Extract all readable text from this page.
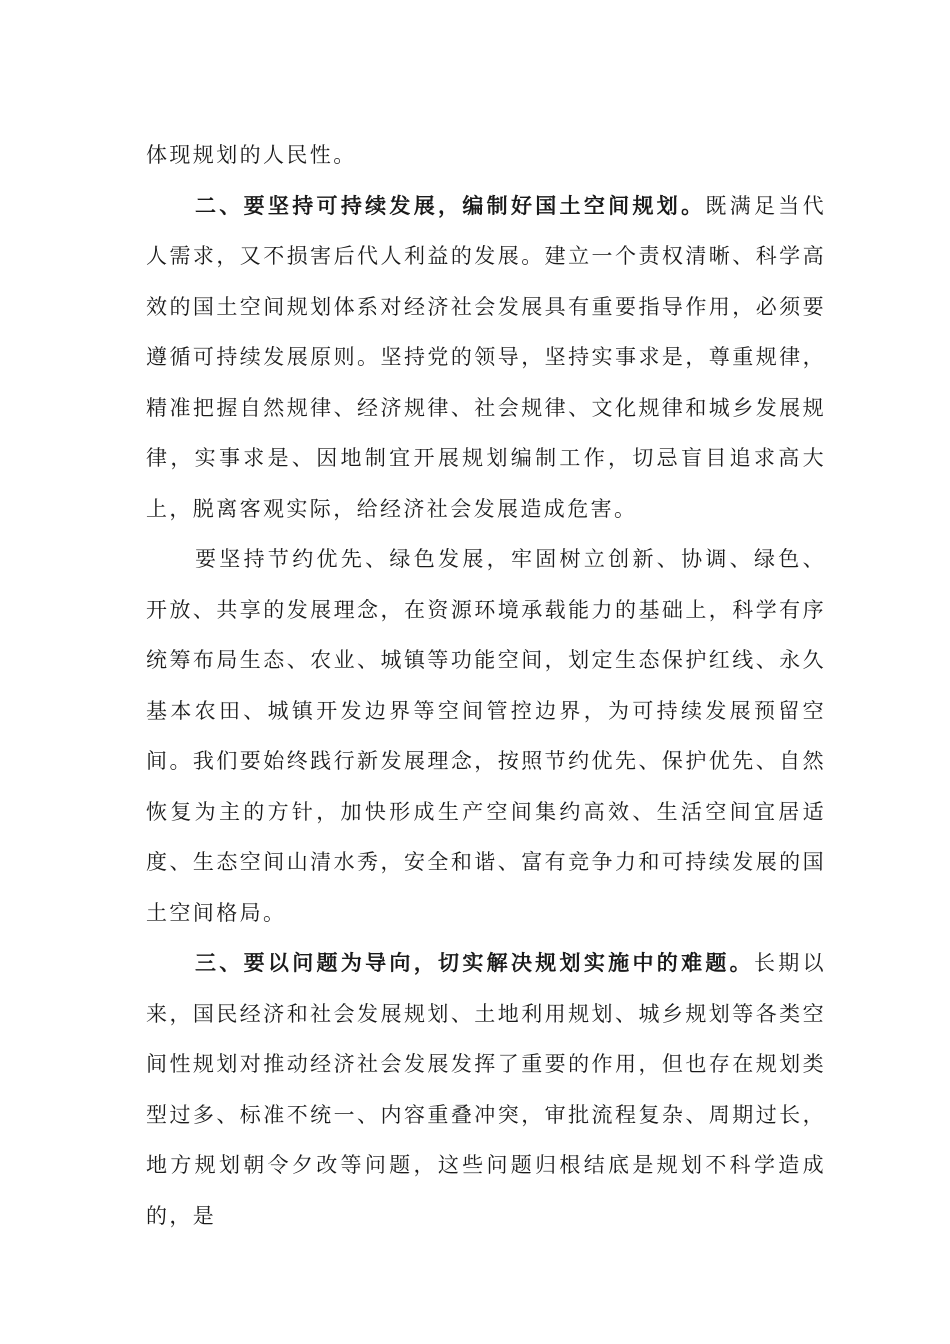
体现规划的人民性。

二、要坚持可持续发展，编制好国土空间规划。既满足当代人需求，又不损害后代人利益的发展。建立一个责权清晰、科学高效的国土空间规划体系对经济社会发展具有重要指导作用，必须要遵循可持续发展原则。坚持党的领导，坚持实事求是，尊重规律，精准把握自然规律、经济规律、社会规律、文化规律和城乡发展规律，实事求是、因地制宜开展规划编制工作，切忌盲目追求高大上，脱离客观实际，给经济社会发展造成危害。

要坚持节约优先、绿色发展，牢固树立创新、协调、绿色、开放、共享的发展理念，在资源环境承载能力的基础上，科学有序统筹布局生态、农业、城镇等功能空间，划定生态保护红线、永久基本农田、城镇开发边界等空间管控边界，为可持续发展预留空间。我们要始终践行新发展理念，按照节约优先、保护优先、自然恢复为主的方针，加快形成生产空间集约高效、生活空间宜居适度、生态空间山清水秀，安全和谐、富有竞争力和可持续发展的国土空间格局。

三、要以问题为导向，切实解决规划实施中的难题。长期以来，国民经济和社会发展规划、土地利用规划、城乡规划等各类空间性规划对推动经济社会发展发挥了重要的作用，但也存在规划类型过多、标准不统一、内容重叠冲突，审批流程复杂、周期过长，地方规划朝令夕改等问题，这些问题归根结底是规划不科学造成的，是
